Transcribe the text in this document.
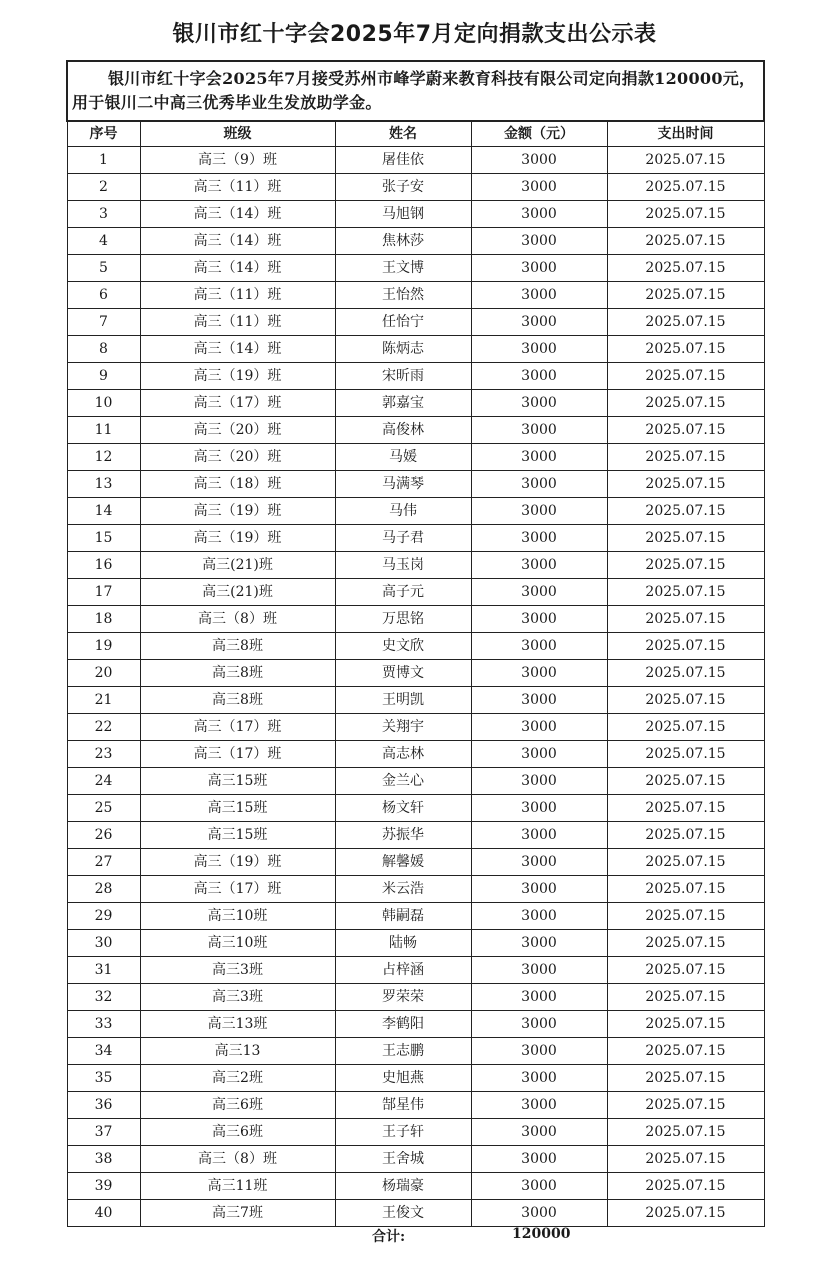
银川市红十字会2025年7月定向捐款支出公示表
银川市红十字会2025年7月接受苏州市峰学蔚来教育科技有限公司定向捐款120000元，用于银川二中高三优秀毕业生发放助学金。				
序号	班级	姓名	金额（元）	支出时间
1	高三（9）班	屠佳依	3000	2025.07.15
2	高三（11）班	张子安	3000	2025.07.15
3	高三（14）班	马旭钢	3000	2025.07.15
4	高三（14）班	焦林莎	3000	2025.07.15
5	高三（14）班	王文博	3000	2025.07.15
6	高三（11）班	王怡然	3000	2025.07.15
7	高三（11）班	任怡宁	3000	2025.07.15
8	高三（14）班	陈炳志	3000	2025.07.15
9	高三（19）班	宋昕雨	3000	2025.07.15
10	高三（17）班	郭嘉宝	3000	2025.07.15
11	高三（20）班	高俊林	3000	2025.07.15
12	高三（20）班	马媛	3000	2025.07.15
13	高三（18）班	马满琴	3000	2025.07.15
14	高三（19）班	马伟	3000	2025.07.15
15	高三（19）班	马子君	3000	2025.07.15
16	高三(21)班	马玉岗	3000	2025.07.15
17	高三(21)班	高子元	3000	2025.07.15
18	高三（8）班	万思铭	3000	2025.07.15
19	高三8班	史文欣	3000	2025.07.15
20	高三8班	贾博文	3000	2025.07.15
21	高三8班	王明凯	3000	2025.07.15
22	高三（17）班	关翔宇	3000	2025.07.15
23	高三（17）班	高志林	3000	2025.07.15
24	高三15班	金兰心	3000	2025.07.15
25	高三15班	杨文轩	3000	2025.07.15
26	高三15班	苏振华	3000	2025.07.15
27	高三（19）班	解馨媛	3000	2025.07.15
28	高三（17）班	米云浩	3000	2025.07.15
29	高三10班	韩嗣磊	3000	2025.07.15
30	高三10班	陆畅	3000	2025.07.15
31	高三3班	占梓涵	3000	2025.07.15
32	高三3班	罗荣荣	3000	2025.07.15
33	高三13班	李鹤阳	3000	2025.07.15
34	高三13	王志鹏	3000	2025.07.15
35	高三2班	史旭燕	3000	2025.07.15
36	高三6班	郜星伟	3000	2025.07.15
37	高三6班	王子轩	3000	2025.07.15
38	高三（8）班	王舍城	3000	2025.07.15
39	高三11班	杨瑞豪	3000	2025.07.15
40	高三7班	王俊文	3000	2025.07.15
合计:	120000
